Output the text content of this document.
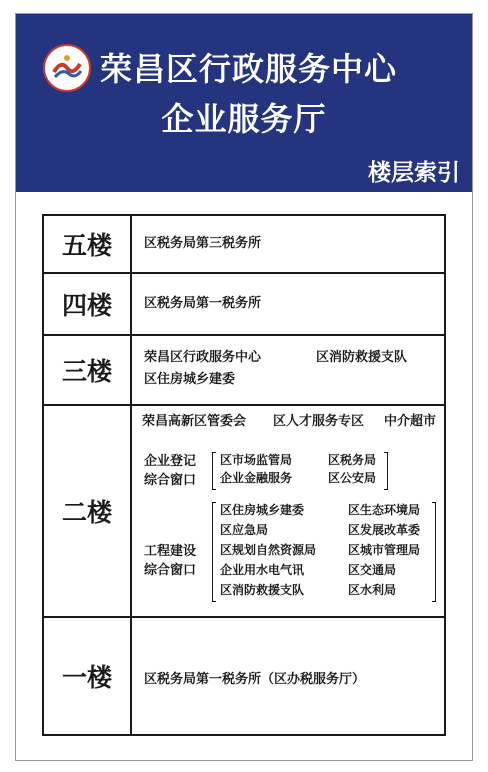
荣昌区行政服务中心
企业服务厅
楼层索引
五楼	区税务局第三税务所
四楼	区税务局第一税务所
三楼	荣昌区行政服务中心	区消防救援支队
区住房城乡建委
二楼
荣昌高新区管委会 区人才服务专区 中介超市
企业登记
综合窗口
区市场监管局	区税务局
企业金融服务	区公安局
工程建设
综合窗口
区住房城乡建委	区生态环境局
区应急局	区发展改革委
区规划自然资源局	区城市管理局
企业用水电气讯	区交通局
区消防救援支队	区水利局
一楼	区税务局第一税务所（区办税服务厅）
